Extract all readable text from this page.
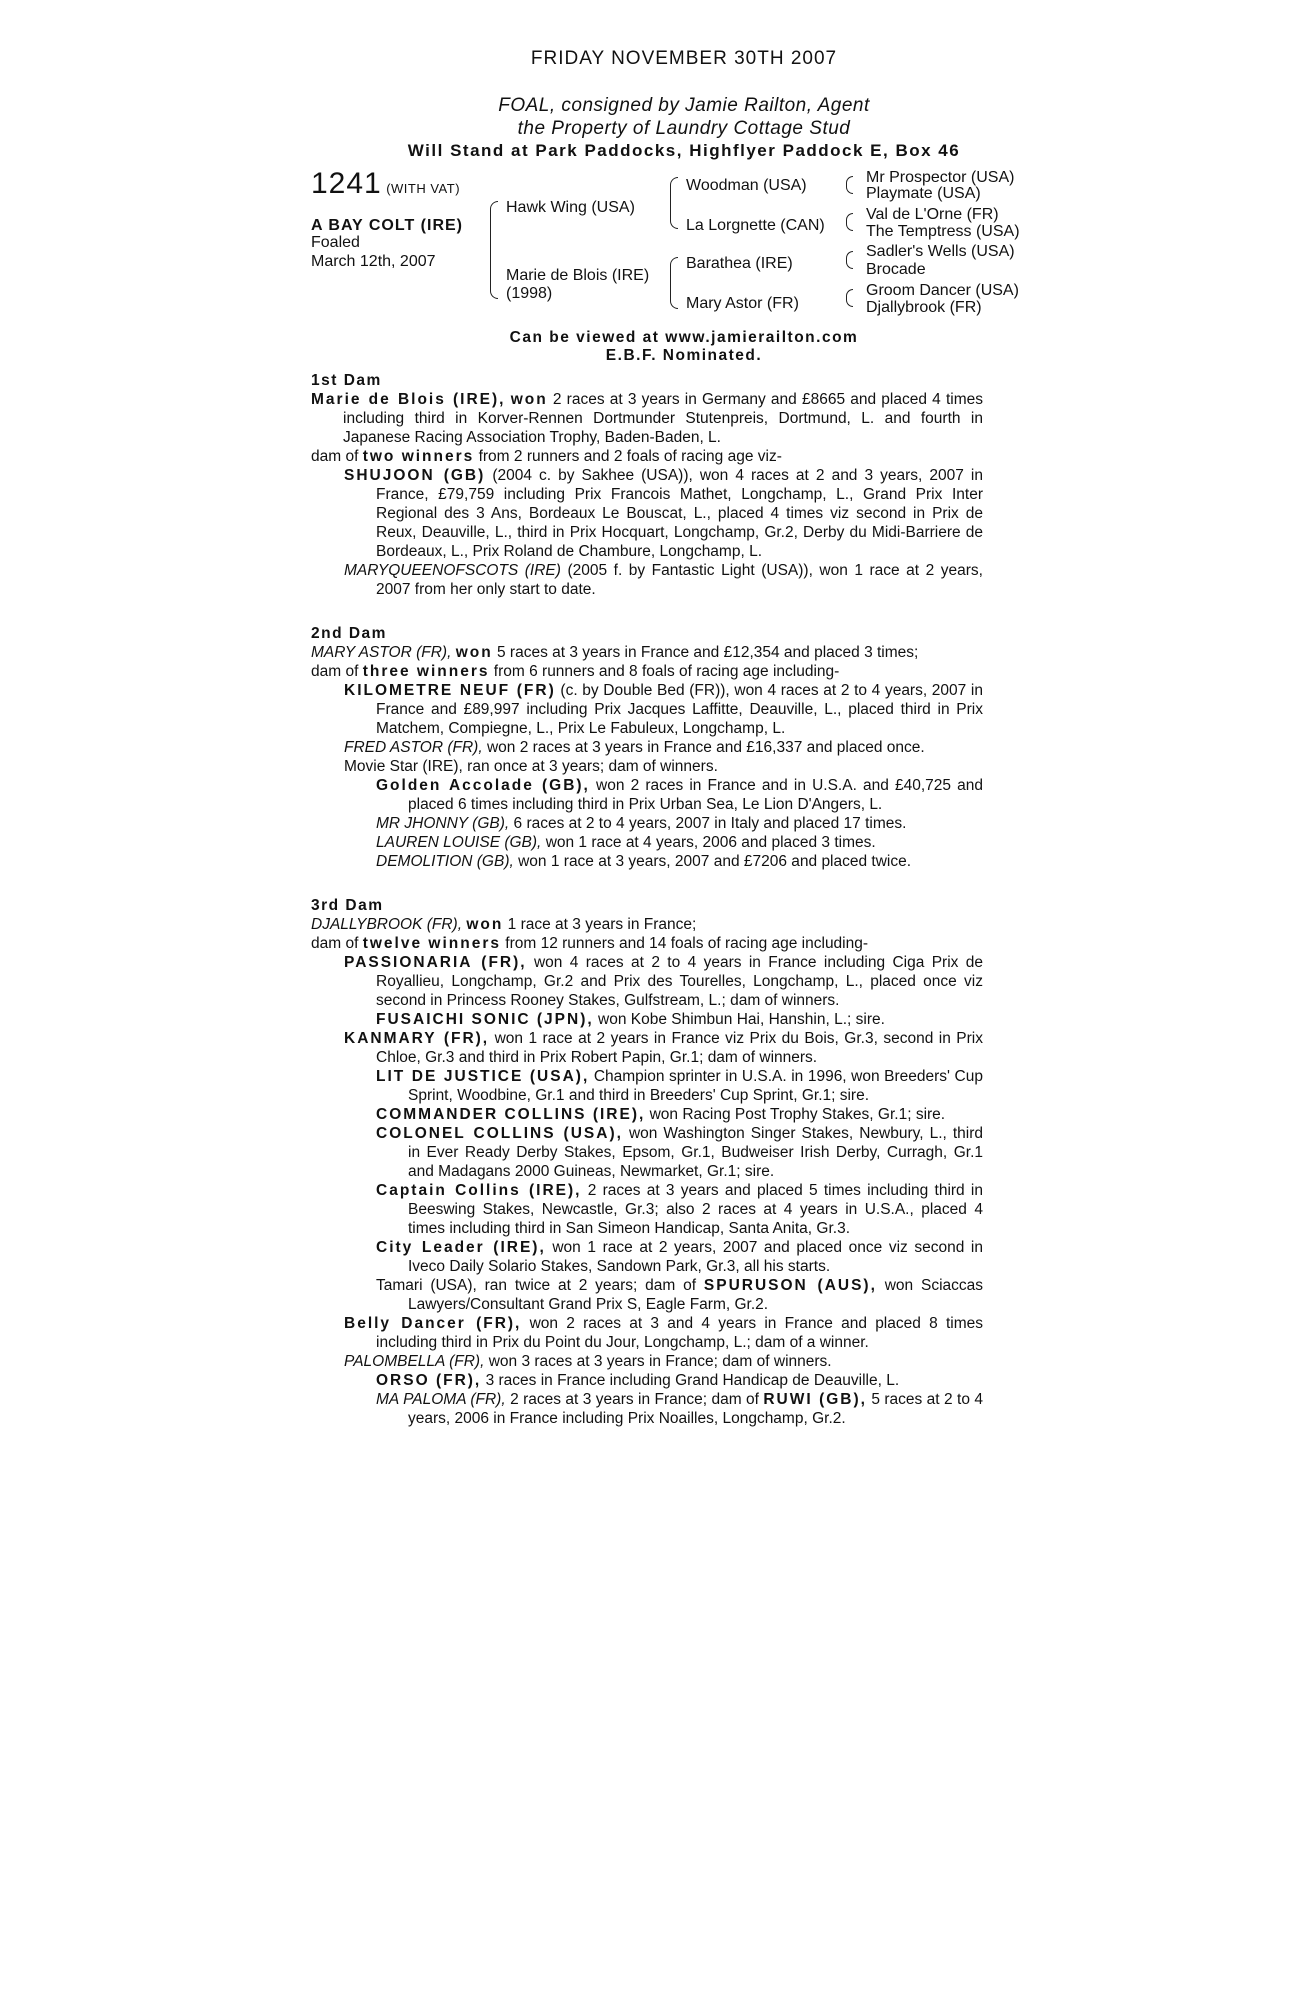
FRIDAY NOVEMBER 30TH 2007
FOAL, consigned by Jamie Railton, Agent
the Property of Laundry Cottage Stud
Will Stand at Park Paddocks, Highflyer Paddock E, Box 46
1241 (WITH VAT)
A BAY COLT (IRE)
Foaled
March 12th, 2007
Hawk Wing (USA)
Marie de Blois (IRE)
(1998)
Woodman (USA)
La Lorgnette (CAN)
Barathea (IRE)
Mary Astor (FR)
Mr Prospector (USA)
Playmate (USA)
Val de L'Orne (FR)
The Temptress (USA)
Sadler's Wells (USA)
Brocade
Groom Dancer (USA)
Djallybrook (FR)
Can be viewed at www.jamierailton.com
E.B.F. Nominated.
1st Dam
Marie de Blois (IRE), won 2 races at 3 years in Germany and £8665 and placed 4 times including third in Korver-Rennen Dortmunder Stutenpreis, Dortmund, L. and fourth in Japanese Racing Association Trophy, Baden-Baden, L.
dam of two winners from 2 runners and 2 foals of racing age viz-
SHUJOON (GB) (2004 c. by Sakhee (USA)), won 4 races at 2 and 3 years, 2007 in France, £79,759 including Prix Francois Mathet, Longchamp, L., Grand Prix Inter Regional des 3 Ans, Bordeaux Le Bouscat, L., placed 4 times viz second in Prix de Reux, Deauville, L., third in Prix Hocquart, Longchamp, Gr.2, Derby du Midi-Barriere de Bordeaux, L., Prix Roland de Chambure, Longchamp, L.
MARYQUEENOFSCOTS (IRE) (2005 f. by Fantastic Light (USA)), won 1 race at 2 years, 2007 from her only start to date.
2nd Dam
MARY ASTOR (FR), won 5 races at 3 years in France and £12,354 and placed 3 times;
dam of three winners from 6 runners and 8 foals of racing age including-
KILOMETRE NEUF (FR) (c. by Double Bed (FR)), won 4 races at 2 to 4 years, 2007 in France and £89,997 including Prix Jacques Laffitte, Deauville, L., placed third in Prix Matchem, Compiegne, L., Prix Le Fabuleux, Longchamp, L.
FRED ASTOR (FR), won 2 races at 3 years in France and £16,337 and placed once.
Movie Star (IRE), ran once at 3 years; dam of winners.
Golden Accolade (GB), won 2 races in France and in U.S.A. and £40,725 and placed 6 times including third in Prix Urban Sea, Le Lion D'Angers, L.
MR JHONNY (GB), 6 races at 2 to 4 years, 2007 in Italy and placed 17 times.
LAUREN LOUISE (GB), won 1 race at 4 years, 2006 and placed 3 times.
DEMOLITION (GB), won 1 race at 3 years, 2007 and £7206 and placed twice.
3rd Dam
DJALLYBROOK (FR), won 1 race at 3 years in France;
dam of twelve winners from 12 runners and 14 foals of racing age including-
PASSIONARIA (FR), won 4 races at 2 to 4 years in France including Ciga Prix de Royallieu, Longchamp, Gr.2 and Prix des Tourelles, Longchamp, L., placed once viz second in Princess Rooney Stakes, Gulfstream, L.; dam of winners.
FUSAICHI SONIC (JPN), won Kobe Shimbun Hai, Hanshin, L.; sire.
KANMARY (FR), won 1 race at 2 years in France viz Prix du Bois, Gr.3, second in Prix Chloe, Gr.3 and third in Prix Robert Papin, Gr.1; dam of winners.
LIT DE JUSTICE (USA), Champion sprinter in U.S.A. in 1996, won Breeders' Cup Sprint, Woodbine, Gr.1 and third in Breeders' Cup Sprint, Gr.1; sire.
COMMANDER COLLINS (IRE), won Racing Post Trophy Stakes, Gr.1; sire.
COLONEL COLLINS (USA), won Washington Singer Stakes, Newbury, L., third in Ever Ready Derby Stakes, Epsom, Gr.1, Budweiser Irish Derby, Curragh, Gr.1 and Madagans 2000 Guineas, Newmarket, Gr.1; sire.
Captain Collins (IRE), 2 races at 3 years and placed 5 times including third in Beeswing Stakes, Newcastle, Gr.3; also 2 races at 4 years in U.S.A., placed 4 times including third in San Simeon Handicap, Santa Anita, Gr.3.
City Leader (IRE), won 1 race at 2 years, 2007 and placed once viz second in Iveco Daily Solario Stakes, Sandown Park, Gr.3, all his starts.
Tamari (USA), ran twice at 2 years; dam of SPURUSON (AUS), won Sciaccas Lawyers/Consultant Grand Prix S, Eagle Farm, Gr.2.
Belly Dancer (FR), won 2 races at 3 and 4 years in France and placed 8 times including third in Prix du Point du Jour, Longchamp, L.; dam of a winner.
PALOMBELLA (FR), won 3 races at 3 years in France; dam of winners.
ORSO (FR), 3 races in France including Grand Handicap de Deauville, L.
MA PALOMA (FR), 2 races at 3 years in France; dam of RUWI (GB), 5 races at 2 to 4 years, 2006 in France including Prix Noailles, Longchamp, Gr.2.
